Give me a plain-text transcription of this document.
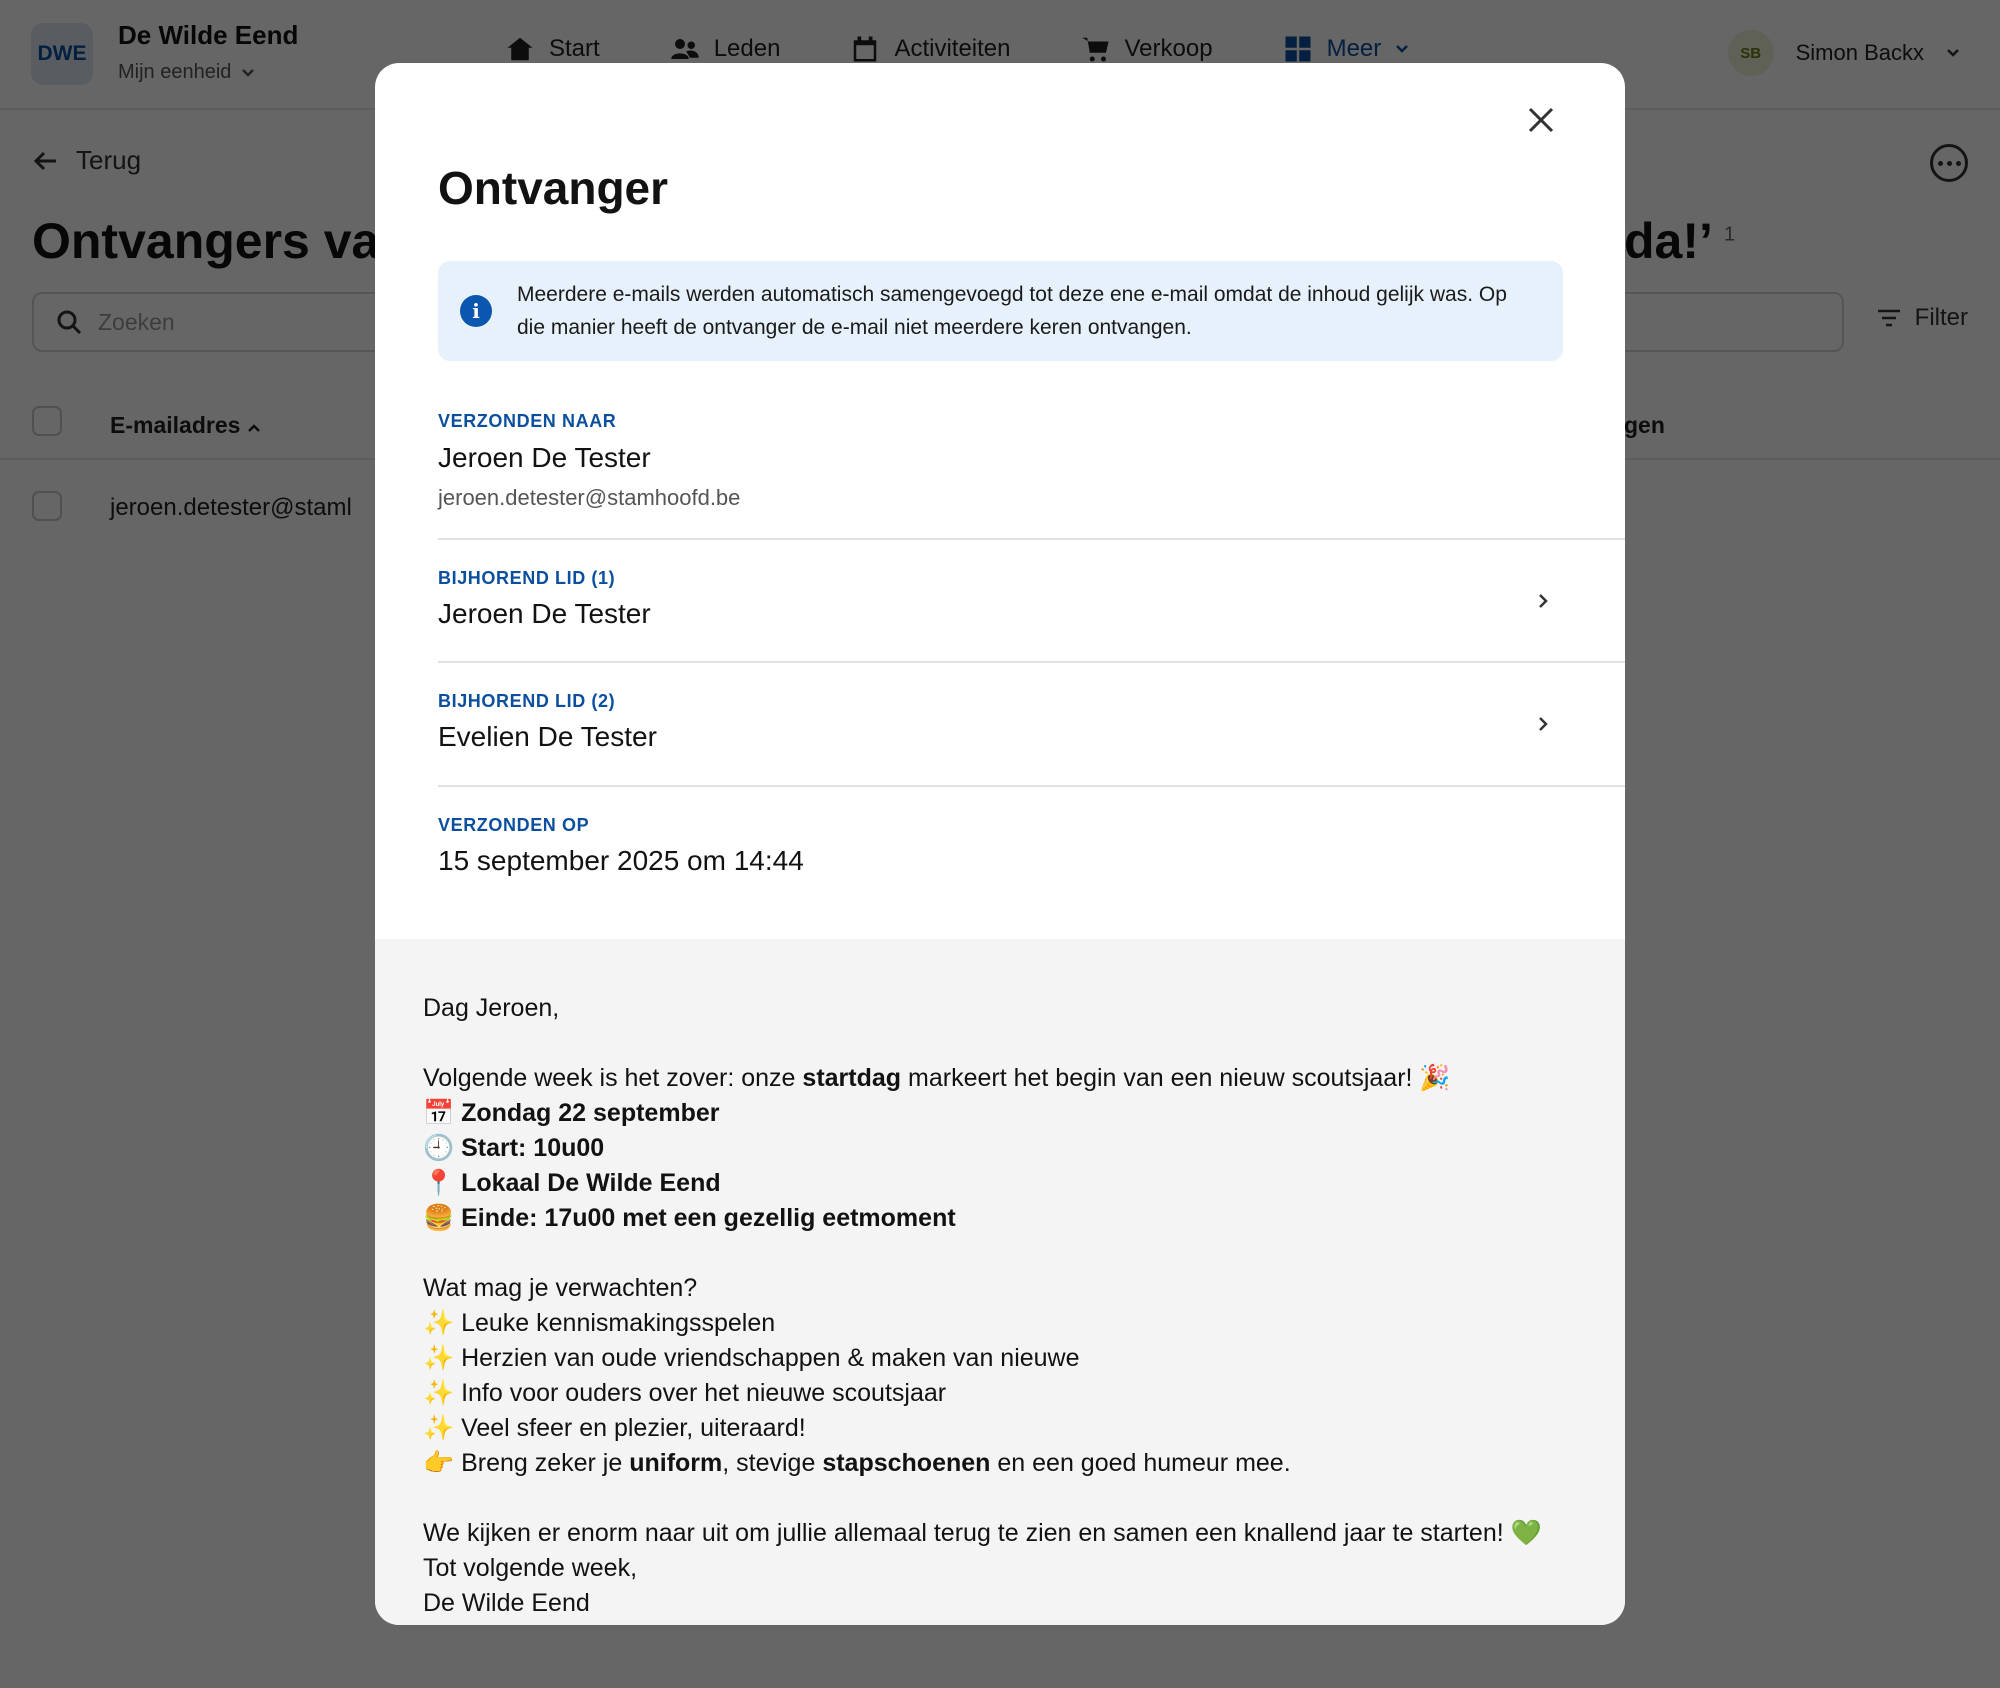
Ontvanger
i
Meerdere e-mails werden automatisch samengevoegd tot deze ene e-mail omdat de inhoud gelijk was. Op die manier heeft de ontvanger de e-mail niet meerdere keren ontvangen.
VERZONDEN NAAR
Jeroen De Tester
jeroen.detester@stamhoofd.be
BIJHOREND LID (1)
Jeroen De Tester
BIJHOREND LID (2)
Evelien De Tester
VERZONDEN OP
15 september 2025 om 14:44

Dag Jeroen,

Volgende week is het zover: onze startdag markeert het begin van een nieuw scoutsjaar! 🎉

📅 Zondag 22 september

🕘 Start: 10u00

📍 Lokaal De Wilde Eend

🍔 Einde: 17u00 met een gezellig eetmoment

Wat mag je verwachten?

✨ Leuke kennismakingsspelen

✨ Herzien van oude vriendschappen & maken van nieuwe

✨ Info voor ouders over het nieuwe scoutsjaar

✨ Veel sfeer en plezier, uiteraard!

👉 Breng zeker je uniform, stevige stapschoenen en een goed humeur mee.

We kijken er enorm naar uit om jullie allemaal terug te zien en samen een knallend jaar te starten! 💚

Tot volgende week,

De Wilde Eend
